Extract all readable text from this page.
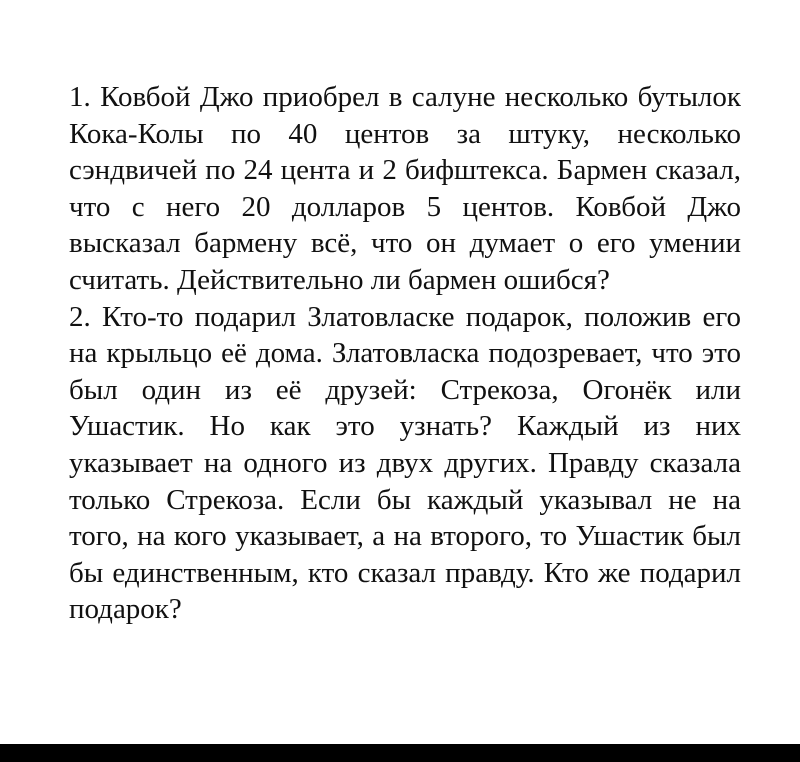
1. Ковбой Джо приобрел в салуне несколько бутылок Кока-Колы по 40 центов за штуку, несколько сэндвичей по 24 цента и 2 бифштекса. Бармен сказал, что с него 20 долларов 5 центов. Ковбой Джо высказал бармену всё, что он думает о его умении считать. Действительно ли бармен ошибся?

2. Кто-то подарил Златовласке подарок, положив его на крыльцо её дома. Златовласка подозревает, что это был один из её друзей: Стрекоза, Огонёк или Ушастик. Но как это узнать? Каждый из них указывает на одного из двух других. Правду сказала только Стрекоза. Если бы каждый указывал не на того, на кого указывает, а на второго, то Ушастик был бы единственным, кто сказал правду. Кто же подарил подарок?
